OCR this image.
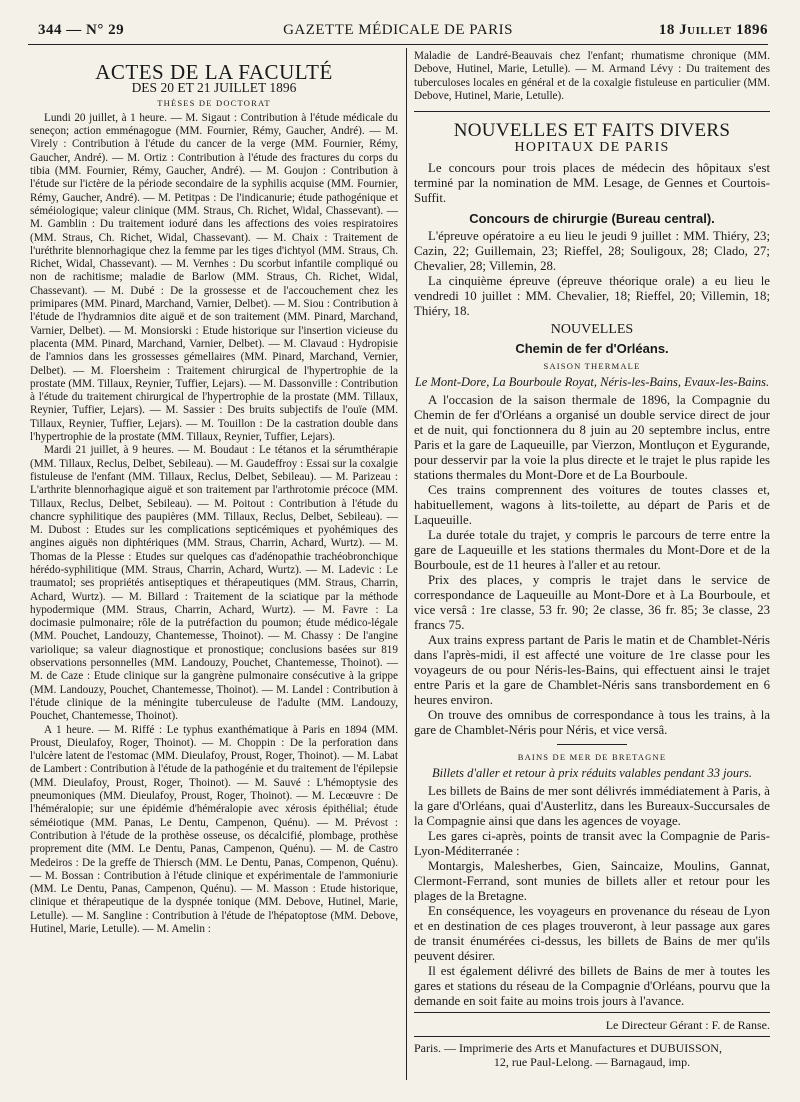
344 — N° 29	GAZETTE MÉDICALE DE PARIS	18 Juillet 1896
ACTES DE LA FACULTÉ
DES 20 ET 21 JUILLET 1896
THÈSES DE DOCTORAT

Lundi 20 juillet, à 1 heure. — M. Sigaut : Contribution à l'étude médicale du seneçon; action emménagogue (MM. Fournier, Rémy, Gaucher, André). — M. Virely : Contribution à l'étude du cancer de la verge (MM. Fournier, Rémy, Gaucher, André). — M. Ortiz : Contribution à l'étude des fractures du corps du tibia (MM. Fournier, Rémy, Gaucher, André). — M. Goujon : Contribution à l'étude sur l'ictère de la période secondaire de la syphilis acquise (MM. Fournier, Rémy, Gaucher, André). — M. Petitpas : De l'indicanurie; étude pathogénique et séméiologique; valeur clinique (MM. Straus, Ch. Richet, Widal, Chassevant). — M. Gamblin : Du traitement ioduré dans les affections des voies respiratoires (MM. Straus, Ch. Richet, Widal, Chassevant). — M. Chaix : Traitement de l'uréthrite blennorhagique chez la femme par les tiges d'ichtyol (MM. Straus, Ch. Richet, Widal, Chassevant). — M. Vernhes : Du scorbut infantile compliqué ou non de rachitisme; maladie de Barlow (MM. Straus, Ch. Richet, Widal, Chassevant). — M. Dubé : De la grossesse et de l'accouchement chez les primipares (MM. Pinard, Marchand, Varnier, Delbet). — M. Siou : Contribution à l'étude de l'hydramnios dite aiguë et de son traitement (MM. Pinard, Marchand, Varnier, Delbet). — M. Monsiorski : Etude historique sur l'insertion vicieuse du placenta (MM. Pinard, Marchand, Varnier, Delbet). — M. Clavaud : Hydropisie de l'amnios dans les grossesses gémellaires (MM. Pinard, Marchand, Vernier, Delbet). — M. Floersheim : Traitement chirurgical de l'hypertrophie de la prostate (MM. Tillaux, Reynier, Tuffier, Lejars). — M. Dassonville : Contribution à l'étude du traitement chirurgical de l'hypertrophie de la prostate (MM. Tillaux, Reynier, Tuffier, Lejars). — M. Sassier : Des bruits subjectifs de l'ouïe (MM. Tillaux, Reynier, Tuffier, Lejars). — M. Touillon : De la castration double dans l'hypertrophie de la prostate (MM. Tillaux, Reynier, Tuffier, Lejars).

Mardi 21 juillet, à 9 heures. — M. Boudaut : Le tétanos et la sérumthérapie (MM. Tillaux, Reclus, Delbet, Sebileau). — M. Gaudeffroy : Essai sur la coxalgie fistuleuse de l'enfant (MM. Tillaux, Reclus, Delbet, Sebileau). — M. Parizeau : L'arthrite blennorhagique aiguë et son traitement par l'arthrotomie précoce (MM. Tillaux, Reclus, Delbet, Sebileau). — M. Poitout : Contribution à l'étude du chancre syphilitique des paupières (MM. Tillaux, Reclus, Delbet, Sebileau). — M. Dubost : Etudes sur les complications septicémiques et pyohémiques des angines aiguës non diphtériques (MM. Straus, Charrin, Achard, Wurtz). — M. Thomas de la Plesse : Etudes sur quelques cas d'adénopathie trachéobronchique hérédo-syphilitique (MM. Straus, Charrin, Achard, Wurtz). — M. Ladevic : Le traumatol; ses propriétés antiseptiques et thérapeutiques (MM. Straus, Charrin, Achard, Wurtz). — M. Billard : Traitement de la sciatique par la méthode hypodermique (MM. Straus, Charrin, Achard, Wurtz). — M. Favre : La docimasie pulmonaire; rôle de la putréfaction du poumon; étude médico-légale (MM. Pouchet, Landouzy, Chantemesse, Thoinot). — M. Chassy : De l'angine variolique; sa valeur diagnostique et pronostique; conclusions basées sur 819 observations personnelles (MM. Landouzy, Pouchet, Chantemesse, Thoinot). — M. de Caze : Etude clinique sur la gangrène pulmonaire consécutive à la grippe (MM. Landouzy, Pouchet, Chantemesse, Thoinot). — M. Landel : Contribution à l'étude clinique de la méningite tuberculeuse de l'adulte (MM. Landouzy, Pouchet, Chantemesse, Thoinot).

A 1 heure. — M. Riffé : Le typhus exanthématique à Paris en 1894 (MM. Proust, Dieulafoy, Roger, Thoinot). — M. Choppin : De la perforation dans l'ulcère latent de l'estomac (MM. Dieulafoy, Proust, Roger, Thoinot). — M. Labat de Lambert : Contribution à l'étude de la pathogénie et du traitement de l'épilepsie (MM. Dieulafoy, Proust, Roger, Thoinot). — M. Sauvé : L'hémoptysie des pneumoniques (MM. Dieulafoy, Proust, Roger, Thoinot). — M. Lecœuvre : De l'héméralopie; sur une épidémie d'héméralopie avec xérosis épithélial; étude séméiotique (MM. Panas, Le Dentu, Campenon, Quénu). — M. Prévost : Contribution à l'étude de la prothèse osseuse, os décalcifié, plombage, prothèse proprement dite (MM. Le Dentu, Panas, Campenon, Quénu). — M. de Castro Medeiros : De la greffe de Thiersch (MM. Le Dentu, Panas, Compenon, Quénu). — M. Bossan : Contribution à l'étude clinique et expérimentale de l'ammoniurie (MM. Le Dentu, Panas, Campenon, Quénu). — M. Masson : Etude historique, clinique et thérapeutique de la dyspnée tonique (MM. Debove, Hutinel, Marie, Letulle). — M. Sangline : Contribution à l'étude de l'hépatoptose (MM. Debove, Hutinel, Marie, Letulle). — M. Amelin :

Maladie de Landré-Beauvais chez l'enfant; rhumatisme chronique (MM. Debove, Hutinel, Marie, Letulle). — M. Armand Lévy : Du traitement des tuberculoses locales en général et de la coxalgie fistuleuse en particulier (MM. Debove, Hutinel, Marie, Letulle).

NOUVELLES ET FAITS DIVERS
HOPITAUX DE PARIS

Le concours pour trois places de médecin des hôpitaux s'est terminé par la nomination de MM. Lesage, de Gennes et Courtois-Suffit.

Concours de chirurgie (Bureau central).

L'épreuve opératoire a eu lieu le jeudi 9 juillet : MM. Thiéry, 23; Cazin, 22; Guillemain, 23; Rieffel, 28; Souligoux, 28; Clado, 27; Chevalier, 28; Villemin, 28.

La cinquième épreuve (épreuve théorique orale) a eu lieu le vendredi 10 juillet : MM. Chevalier, 18; Rieffel, 20; Villemin, 18; Thiéry, 18.

NOUVELLES
Chemin de fer d'Orléans.
SAISON THERMALE
Le Mont-Dore, La Bourboule Royat, Néris-les-Bains, Evaux-les-Bains.

A l'occasion de la saison thermale de 1896, la Compagnie du Chemin de fer d'Orléans a organisé un double service direct de jour et de nuit, qui fonctionnera du 8 juin au 20 septembre inclus, entre Paris et la gare de Laqueuille, par Vierzon, Montluçon et Eygurande, pour desservir par la voie la plus directe et le trajet le plus rapide les stations thermales du Mont-Dore et de La Bourboule.

Ces trains comprennent des voitures de toutes classes et, habituellement, wagons à lits-toilette, au départ de Paris et de Laqueuille.

La durée totale du trajet, y compris le parcours de terre entre la gare de Laqueuille et les stations thermales du Mont-Dore et de la Bourboule, est de 11 heures à l'aller et au retour.

Prix des places, y compris le trajet dans le service de correspondance de Laqueuille au Mont-Dore et à La Bourboule, et vice versâ : 1re classe, 53 fr. 90; 2e classe, 36 fr. 85; 3e classe, 23 francs 75.

Aux trains express partant de Paris le matin et de Chamblet-Néris dans l'après-midi, il est affecté une voiture de 1re classe pour les voyageurs de ou pour Néris-les-Bains, qui effectuent ainsi le trajet entre Paris et la gare de Chamblet-Néris sans transbordement en 6 heures environ.

On trouve des omnibus de correspondance à tous les trains, à la gare de Chamblet-Néris pour Néris, et vice versâ.

BAINS DE MER DE BRETAGNE
Billets d'aller et retour à prix réduits valables pendant 33 jours.

Les billets de Bains de mer sont délivrés immédiatement à Paris, à la gare d'Orléans, quai d'Austerlitz, dans les Bureaux-Succursales de la Compagnie ainsi que dans les agences de voyage.

Les gares ci-après, points de transit avec la Compagnie de Paris-Lyon-Méditerranée :

Montargis, Malesherbes, Gien, Saincaize, Moulins, Gannat, Clermont-Ferrand, sont munies de billets aller et retour pour les plages de la Bretagne.

En conséquence, les voyageurs en provenance du réseau de Lyon et en destination de ces plages trouveront, à leur passage aux gares de transit énumérées ci-dessus, les billets de Bains de mer qu'ils peuvent désirer.

Il est également délivré des billets de Bains de mer à toutes les gares et stations du réseau de la Compagnie d'Orléans, pourvu que la demande en soit faite au moins trois jours à l'avance.

Le Directeur Gérant : F. de Ranse.
Paris. — Imprimerie des Arts et Manufactures et DUBUISSON,
12, rue Paul-Lelong. — Barnagaud, imp.
